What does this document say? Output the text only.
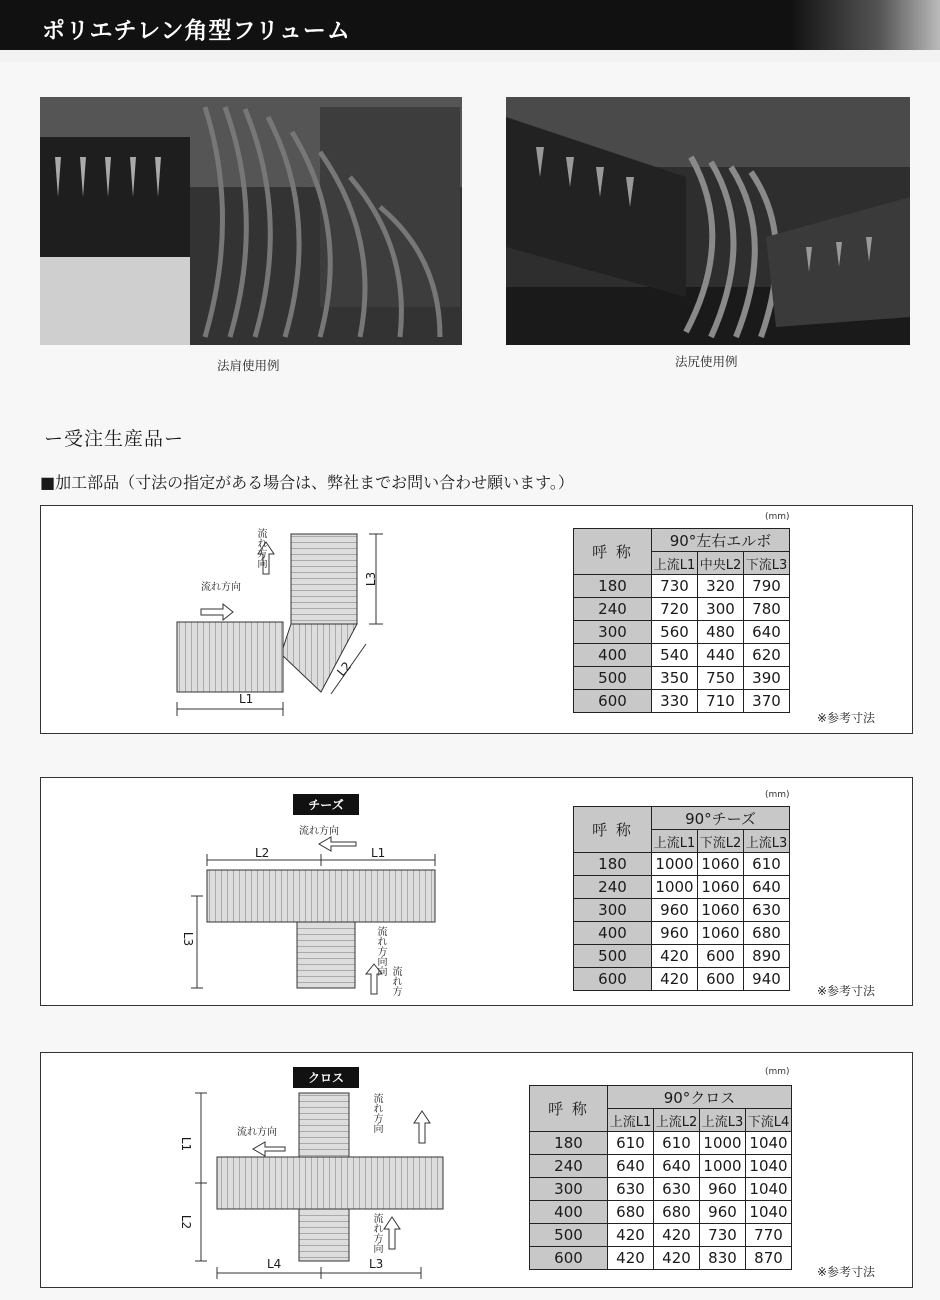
ポリエチレン角型フリューム
法肩使用例	法尻使用例
ー受注生産品ー
■加工部品（寸法の指定がある場合は、弊社までお問い合わせ願います。）
流れ方向
流れ方向
L1
L2
L3
(mm)
呼 称	90°左右エルボ		
	上流L1	中央L2	下流L3
180	730	320	790
240	720	300	780
300	560	480	640
400	540	440	620
500	350	750	390
600	330	710	370
※参考寸法
チーズ
流れ方向
流れ方向
流れ方向
L2	L1
L3
(mm)
呼 称	90°チーズ		
	上流L1	下流L2	上流L3
180	1000	1060	610
240	1000	1060	640
300	960	1060	630
400	960	1060	680
500	420	600	890
600	420	600	940
※参考寸法
クロス
流れ方向	流れ方向
流れ方向
L1
L2
L4	L3
(mm)
呼 称	90°クロス			
	上流L1	上流L2	上流L3	下流L4
180	610	610	1000	1040
240	640	640	1000	1040
300	630	630	960	1040
400	680	680	960	1040
500	420	420	730	770
600	420	420	830	870
※参考寸法
